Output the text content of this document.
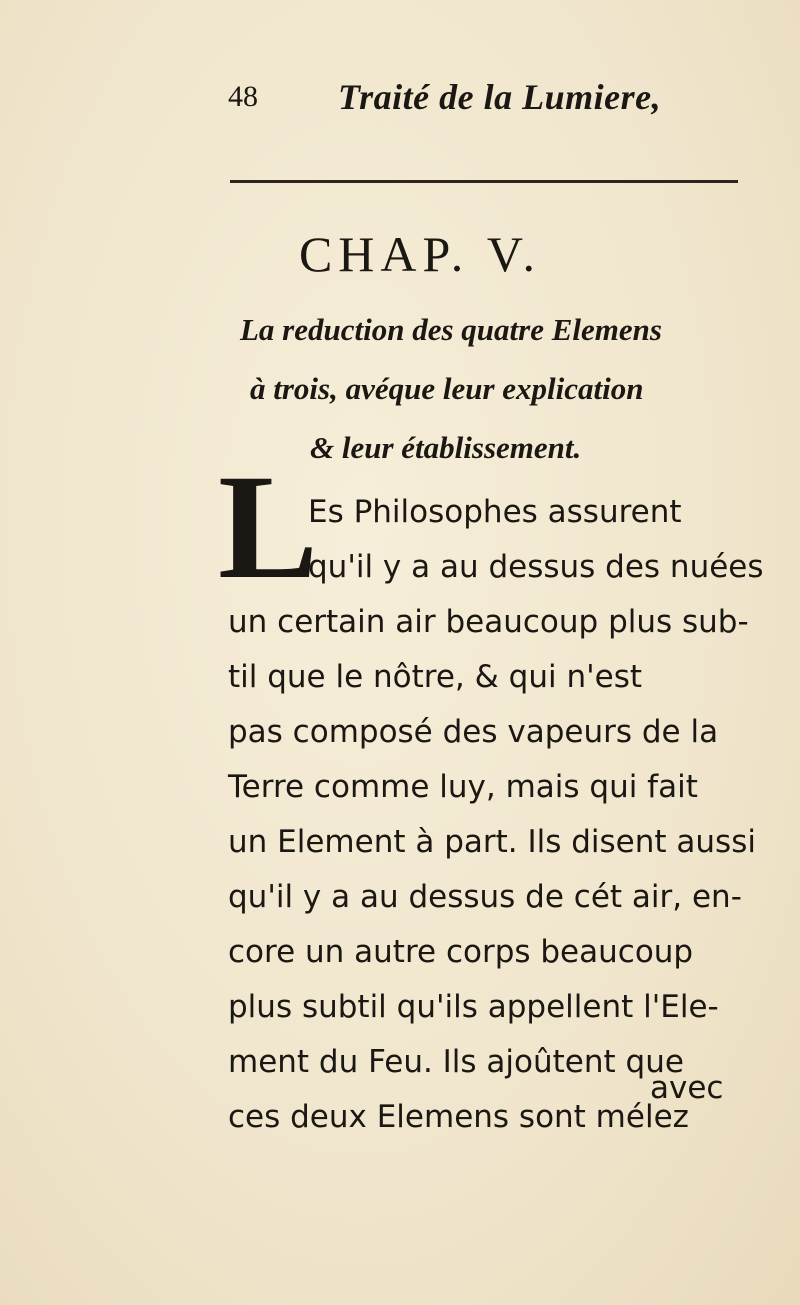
48 Traité de la Lumiere,
CHAP. V.
La reduction des quatre Elemens
à trois, avéque leur explication
& leur établissement.
L
Es Philosophes assurent
qu'il y a au dessus des nuées
un certain air beaucoup plus sub-
til que le nôtre, & qui n'est
pas composé des vapeurs de la
Terre comme luy, mais qui fait
un Element à part. Ils disent aussi
qu'il y a au dessus de cét air, en-
core un autre corps beaucoup
plus subtil qu'ils appellent l'Ele-
ment du Feu. Ils ajoûtent que
ces deux Elemens sont mélez
avec
